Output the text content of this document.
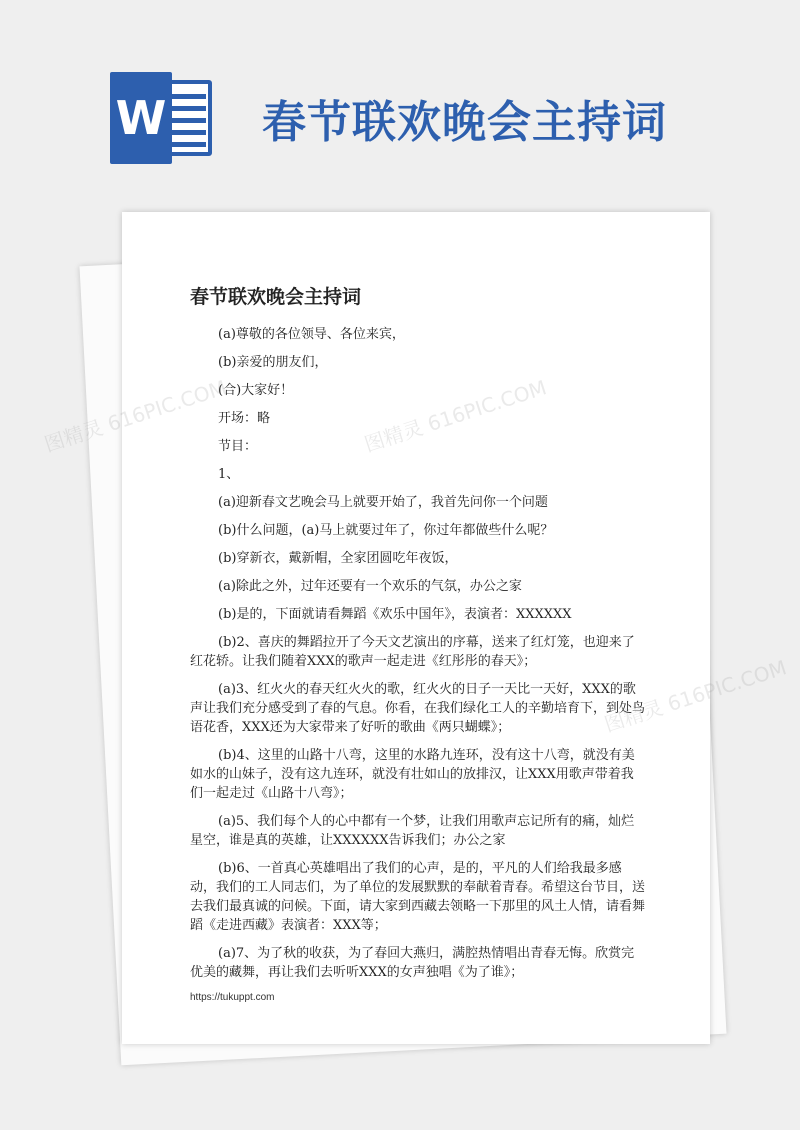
W 春节联欢晚会主持词
春节联欢晚会主持词

(a)尊敬的各位领导、各位来宾，

(b)亲爱的朋友们，

(合)大家好！

开场：略

节目：

1、

(a)迎新春文艺晚会马上就要开始了，我首先问你一个问题

(b)什么问题，(a)马上就要过年了，你过年都做些什么呢？

(b)穿新衣，戴新帽，全家团圆吃年夜饭，

(a)除此之外，过年还要有一个欢乐的气氛，办公之家

(b)是的，下面就请看舞蹈《欢乐中国年》，表演者：XXXXXX

(b)2、喜庆的舞蹈拉开了今天文艺演出的序幕，送来了红灯笼，也迎来了红花轿。让我们随着XXX的歌声一起走进《红彤彤的春天》；

(a)3、红火火的春天红火火的歌，红火火的日子一天比一天好，XXX的歌声让我们充分感受到了春的气息。你看，在我们绿化工人的辛勤培育下，到处鸟语花香，XXX还为大家带来了好听的歌曲《两只蝴蝶》；

(b)4、这里的山路十八弯，这里的水路九连环，没有这十八弯，就没有美如水的山妹子，没有这九连环，就没有壮如山的放排汉，让XXX用歌声带着我们一起走过《山路十八弯》；

(a)5、我们每个人的心中都有一个梦，让我们用歌声忘记所有的痛，灿烂星空，谁是真的英雄，让XXXXXX告诉我们；办公之家

(b)6、一首真心英雄唱出了我们的心声，是的，平凡的人们给我最多感动，我们的工人同志们，为了单位的发展默默的奉献着青春。希望这台节目，送去我们最真诚的问候。下面，请大家到西藏去领略一下那里的风土人情，请看舞蹈《走进西藏》表演者：XXX等；

(a)7、为了秋的收获，为了春回大燕归，满腔热情唱出青春无悔。欣赏完优美的藏舞，再让我们去听听XXX的女声独唱《为了谁》；

https://tukuppt.com
图精灵 616PIC.COM	图精灵 616PIC.COM
图精灵 616PIC.COM
